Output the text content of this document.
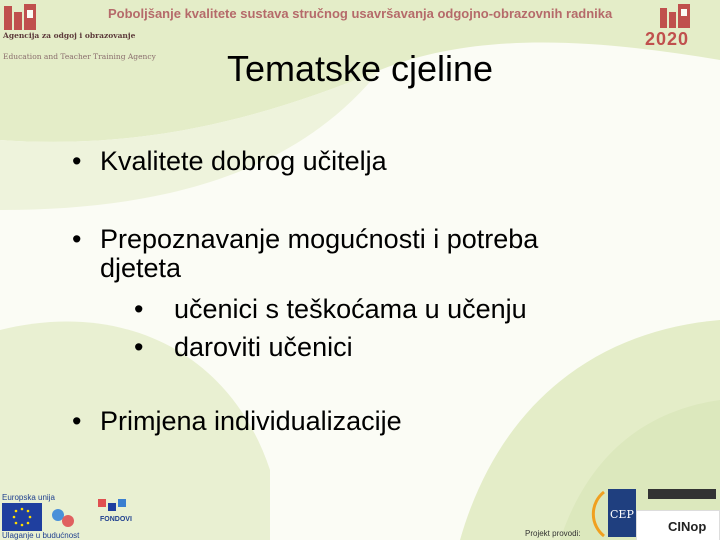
Poboljšanje kvalitete sustava stručnog usavršavanja odgojno-obrazovnih radnika
Agencija za odgoj i obrazovanje
Education and Teacher Training Agency
2020
Tematske cjeline
• Kvalitete dobrog učitelja
• Prepoznavanje mogućnosti i potreba
djeteta
• učenici s teškoćama u učenju
• daroviti učenici
• Primjena individualizacije
Europska unija
FONDOVI
Ulaganje u budućnost	Projekt provodi:
CEP
CINop
